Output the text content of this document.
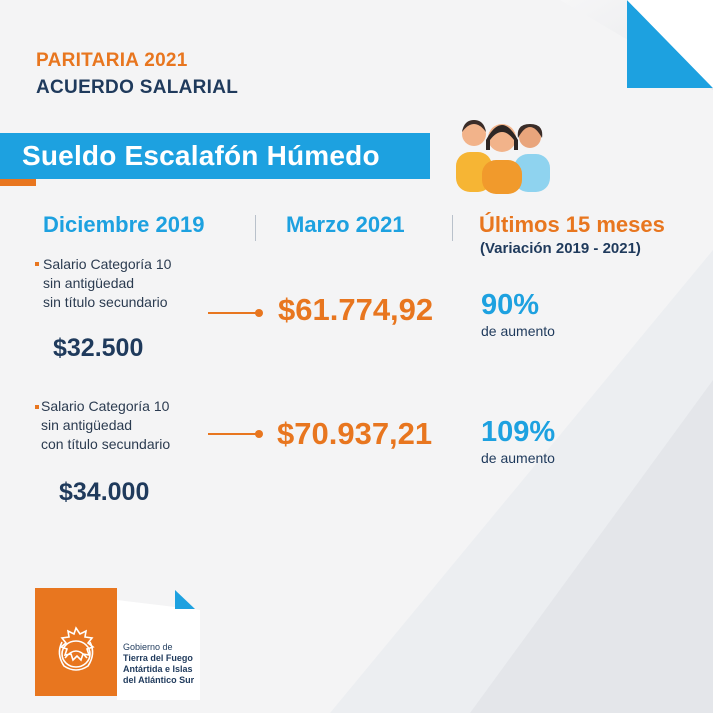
PARITARIA 2021
ACUERDO SALARIAL
Sueldo Escalafón Húmedo
Diciembre 2019	Marzo 2021	Últimos 15 meses
(Variación 2019 - 2021)
Salario Categoría 10
sin antigüedad
sin título secundario
$32.500
$61.774,92 90%
de aumento
Salario Categoría 10
sin antigüedad
con título secundario
$34.000
$70.937,21 109%
de aumento
Gobierno de
Tierra del Fuego
Antártida e Islas
del Atlántico Sur
